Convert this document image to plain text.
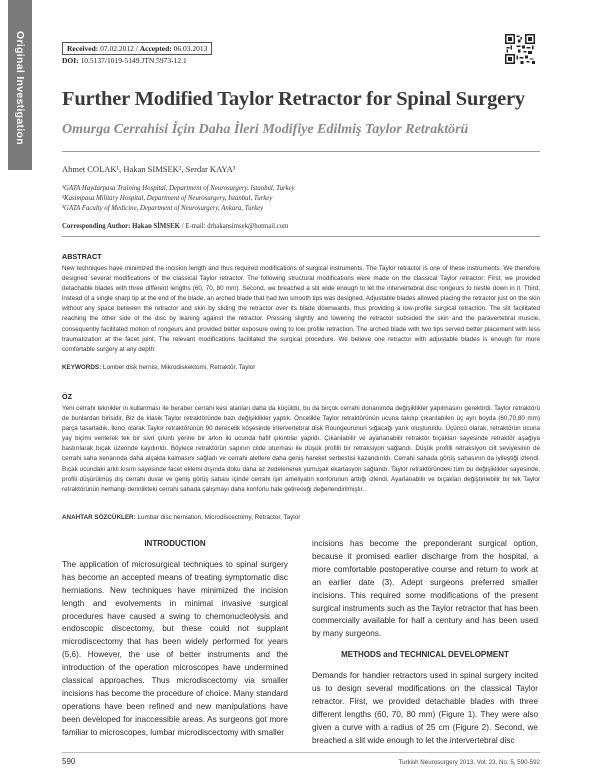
Original Investigation	Received: 07.02.2012 / Accepted: 06.03.2013
DOI: 10.5137/1019-5149.JTN.5973-12.1
Further Modified Taylor Retractor for Spinal Surgery
Omurga Cerrahisi İçin Daha İleri Modifiye Edilmiş Taylor Retraktörü
Ahmet COLAK¹, Hakan SIMSEK², Serdar KAYA³
¹GATA Haydarpasa Training Hospital, Department of Neurosurgery, Istanbul, Turkey
²Kasimpasa Military Hospital, Department of Neurosurgery, Istanbul, Turkey
³GATA Faculty of Medicine, Department of Neurosurgery, Ankara, Turkey
Corresponding Author: Hakan SİMSEK / E-mail: drhakansimsek@hotmail.com
ABSTRACT
New techniques have minimized the incision length and thus required modifications of surgical instruments. The Taylor retractor is one of these instruments. We therefore designed several modifications of the classical Taylor retractor. The following structural modifications were made on the classical Taylor retractor: First, we provided detachable blades with three different lengths (60, 70, 80 mm). Second, we breached a slit wide enough to let the intervertebral disc rongeurs to nestle down in it. Third, instead of a single sharp tip at the end of the blade, an arched blade that had two smooth tips was designed. Adjustable blades allowed placing the retractor just on the skin without any space between the retractor and skin by sliding the retractor over its blade downwards, thus providing a low-profile surgical retraction. The slit facilitated reaching the other side of the disc by leaning against the retractor. Pressing slightly and lowering the retractor subsided the skin and the paravertebral muscle, consequently facilitated motion of rongeurs and provided better exposure owing to low profile retraction. The arched blade with two tips served better placement with less traumatization at the facet joint. The relevant modifications facilitated the surgical procedure. We believe one retractor with adjustable blades is enough for more comfortable surgery at any depth.
KEYWORDS: Lomber disk hernisi, Mikrodiskektomi, Retraktör, Taylor
ÖZ
Yeni cerrahi teknikler in kullanması ile beraber cerrahi kesi alanları daha da küçüldü, bu da birçok cerrahi donanımda değişiklikler yapılmasını gerektirdi. Taylor retraktörü de bunlardan birisidir. Biz de klasik Taylor retraktöründe bazı değişiklikler yaptık. Öncelikle Taylor retraktörünün ucuna takılıp çıkarılabilen üç ayrı boyda (60,70,80 mm) parça tasarladık. İkinci olarak Taylor retraktörünün 90 derecelik köşesinde intervertebral disk Roungeurunun sığacağı yarık oluşturuldu. Üçüncü olarak, retraktörün ucuna yay biçimi verilerek tek bir sivri çıkıntı yerine bir arkın iki ucunda hafif çıkıntılar yapıldı. Çıkarılabilir ve ayarlanabilir retraktör bıçakları sayesinde retraktör aşağıya bastırılarak bıçak üzerinde kaydırıldı. Böylece retraktörün sapının cilde oturması ile düşük profilli bir retraksiyon sağlandı. Düşük profilli retraksiyon cilt seviyesinin de cerrahi saha kenarında daha alçakta kalmasını sağladı ve cerrahi aletlere daha geniş hareket serbestisi kazandırıldı. Cerrahi sahada görüş sahasının da iyileştiği izlendi. Bıçak ucundaki arklı kısım sayesinde facet eklemi dışında doku daha az zedelenerek yumuşak ekartasyon sağlandı. Taylor retraktöründeki tüm bu değişiklikler sayesinde, profili düşürülmüş dış cerrahi duvar ve geniş görüş sahası içinde cerrahi işin ameliyatın konforunun arttığı izlendi. Ayarlanabilir ve bıçakları değiştirilebilir bir tek Taylor retraktörünün herhangi derinlikteki cerrahi sahada çalışmayı daha konforlu hale getireceği değerlendirilmiştir.
ANAHTAR SÖZCÜKLER: Lumbar disc herniation, Microdiscectomy, Retractor, Taylor
INTRODUCTION

The application of microsurgical techniques to spinal surgery has become an accepted means of treating symptomatic disc herniations. New techniques have minimized the incision length and evolvements in minimal invasive surgical procedures have caused a swing to chemonucleolysis and endoscopic discectomy, but these could not supplant microdiscectomy that has been widely performed for years (5,6). However, the use of better instruments and the introduction of the operation microscopes have undermined classical approaches. Thus microdiscectomy via smaller incisions has become the procedure of choice. Many standard operations have been refined and new manipulations have been developed for inaccessible areas. As surgeons got more familiar to microscopes, lumbar microdiscectomy with smaller

incisions has become the preponderant surgical option, because it promised earlier discharge from the hospital, a more comfortable postoperative course and return to work at an earlier date (3). Adept surgeons preferred smaller incisions. This required some modifications of the present surgical instruments such as the Taylor retractor that has been commercially available for half a century and has been used by many surgeons.

METHODS and TECHNICAL DEVELOPMENT

Demands for handier retractors used in spinal surgery incited us to design several modifications on the classical Taylor retractor. First, we provided detachable blades with three different lengths (60, 70, 80 mm) (Figure 1). They were also given a curve with a radius of 25 cm (Figure 2). Second, we breached a slit wide enough to let the intervertebral disc

590	Turkish Neurosurgery 2013, Vol: 23, No: 5, 590-592
